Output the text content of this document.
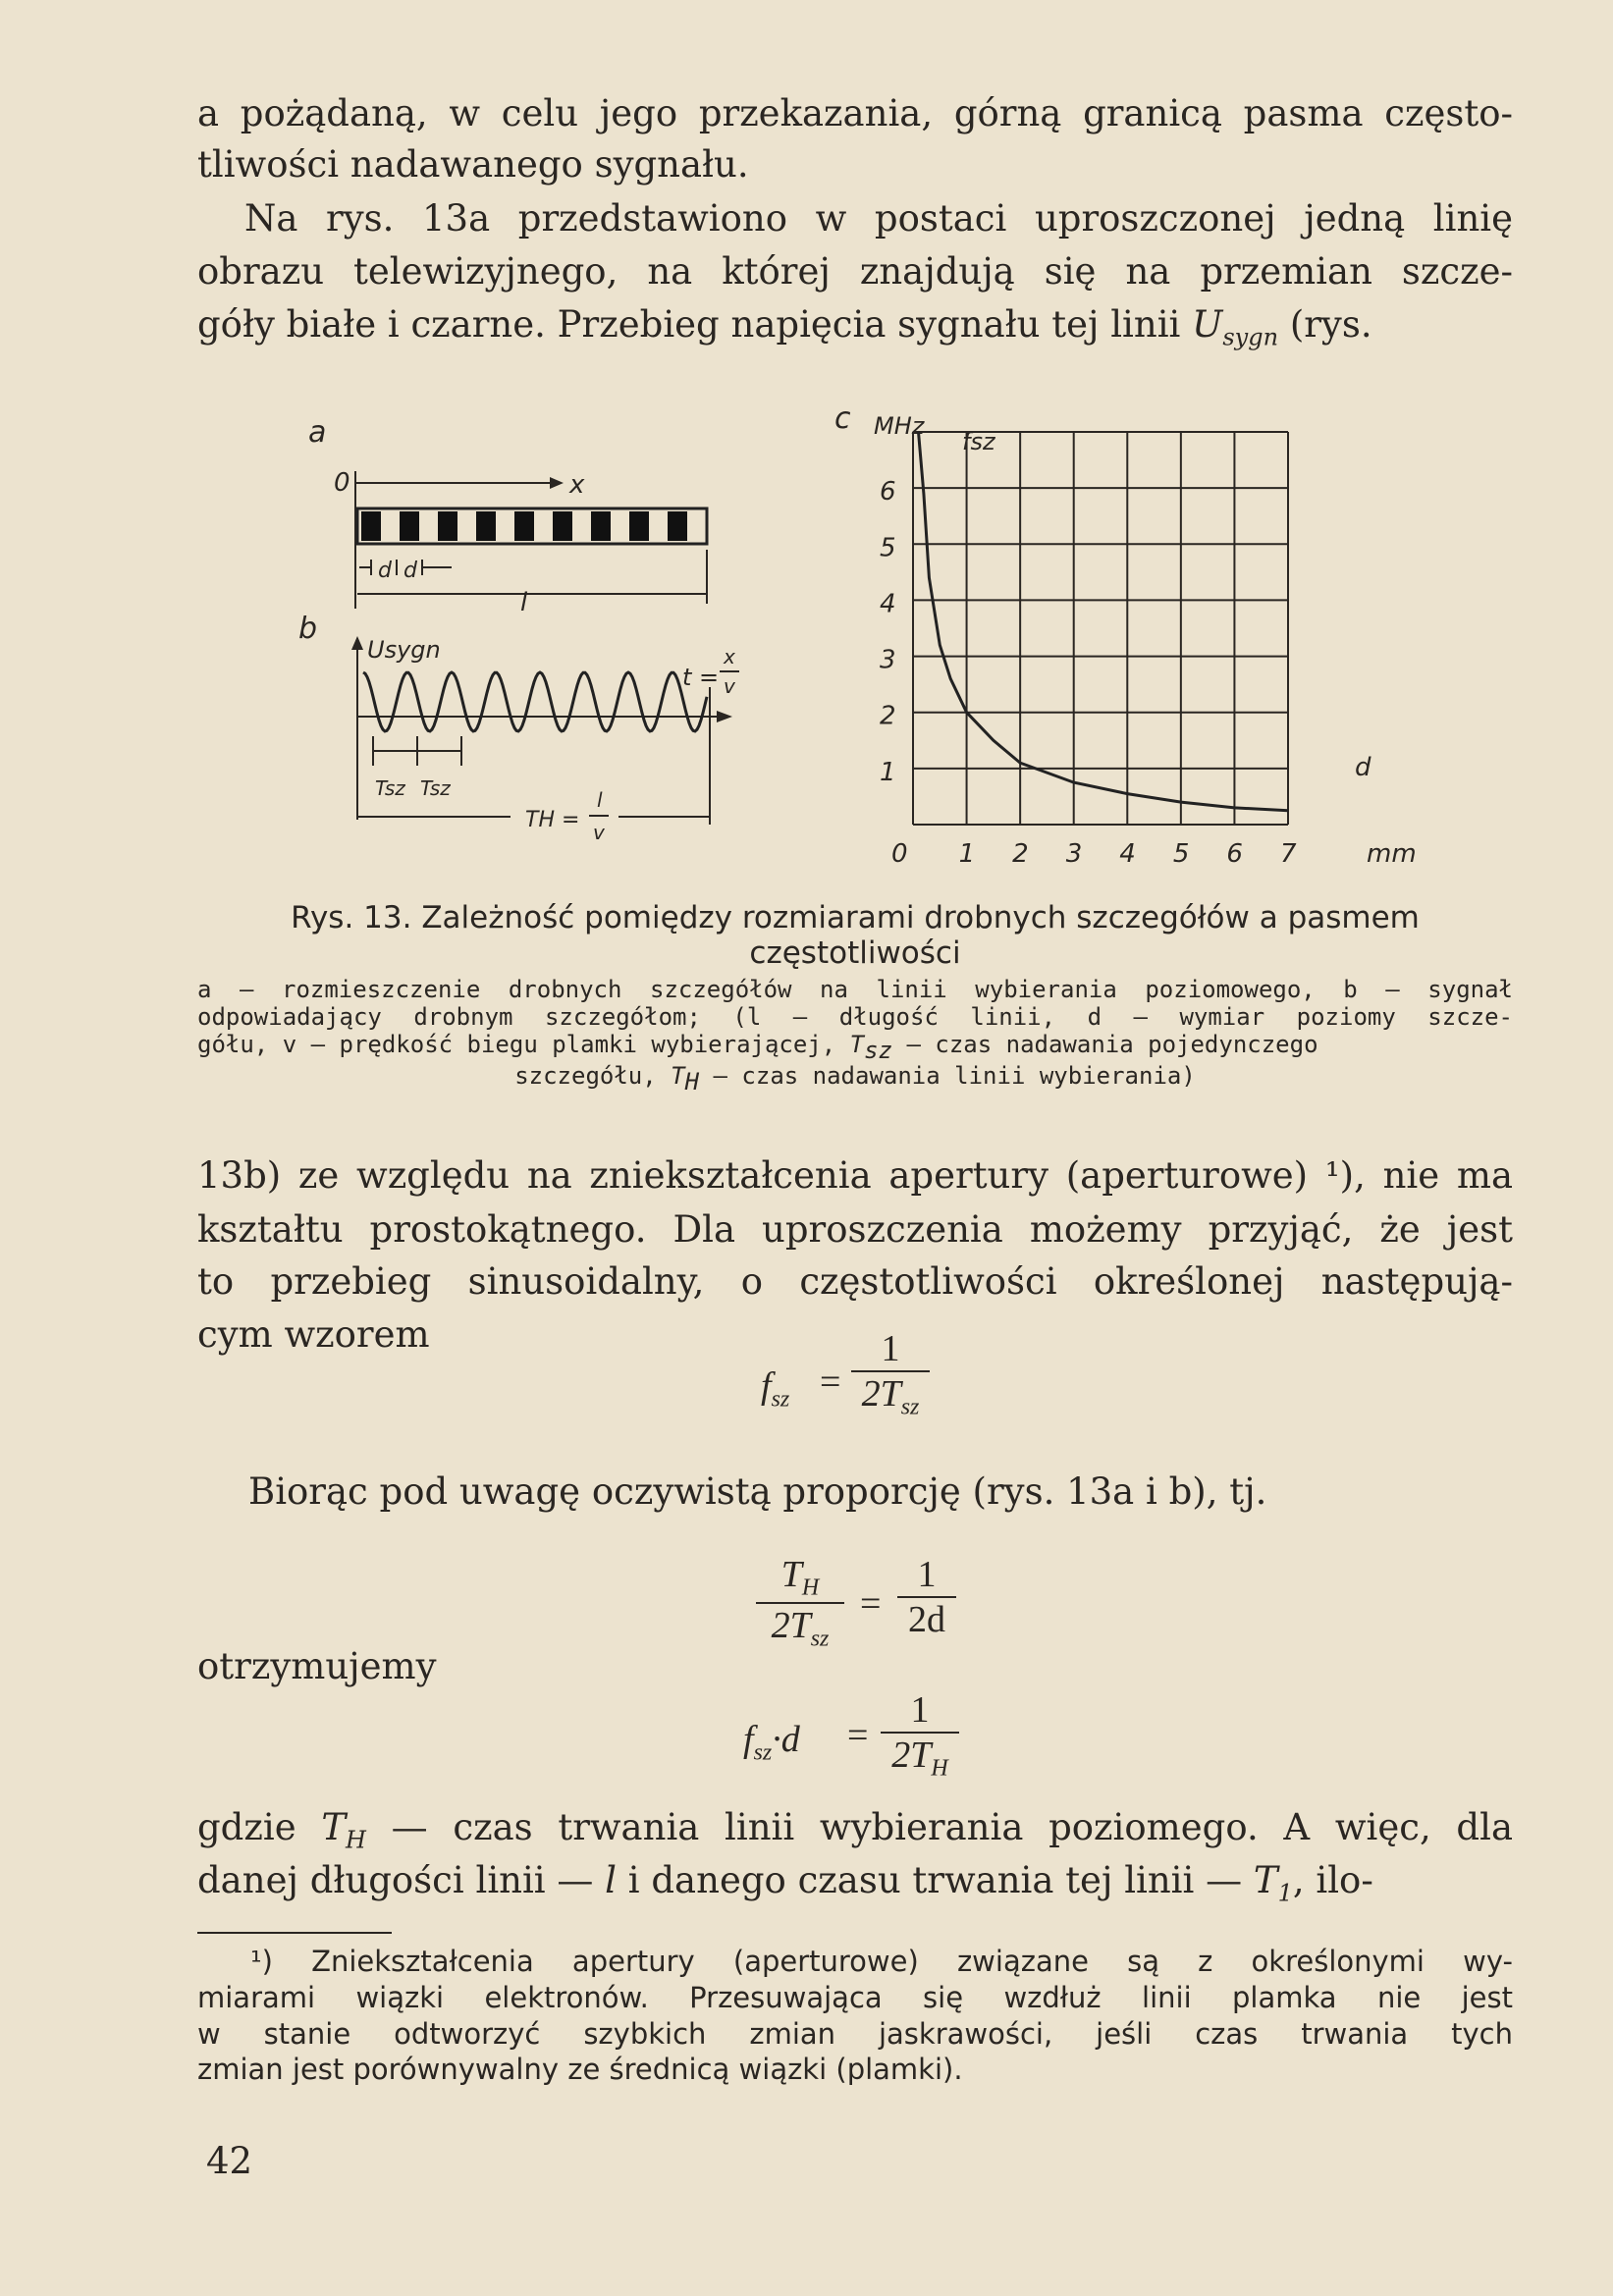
a pożądaną, w celu jego przekazania, górną granicą pasma często-

tliwości nadawanego sygnału.

Na rys. 13a przedstawiono w postaci uproszczonej jedną linię

obrazu telewizyjnego, na której znajdują się na przemian szcze-

góły białe i czarne. Przebieg napięcia sygnału tej linii $U_{sygn}$ (rys.

a
0	x
d d
l
b
Usygn
t =
x
v
Tsz Tsz
TH =
l
v
c MHz
1
2
3
4
5
6
0 1 2 3 4 5 6 7
fsz
d
mm

Rys. 13. Zależność pomiędzy rozmiarami drobnych szczegółów a pasmem

częstotliwości

a — rozmieszczenie drobnych szczegółów na linii wybierania poziomowego, b — sygnał

odpowiadający drobnym szczegółom; (l — długość linii, d — wymiar poziomy szcze-

gółu, v — prędkość biegu plamki wybierającej, $T_{sz}$ — czas nadawania pojedynczego

szczegółu, $T_H$ — czas nadawania linii wybierania)

13b) ze względu na zniekształcenia apertury (aperturowe) ¹), nie ma

kształtu prostokątnego. Dla uproszczenia możemy przyjąć, że jest

to przebieg sinusoidalny, o częstotliwości określonej następują-

cym wzorem

$f_{sz}$ =
1
$2T_{sz}$

Biorąc pod uwagę oczywistą proporcję (rys. 13a i b), tj.

$T_H$
$2T_{sz}$
=
1
2d

otrzymujemy

$f_{sz}\cdot d$ =
1
$2T_H$

gdzie $T_H$ — czas trwania linii wybierania poziomego. A więc, dla

danej długości linii — l i danego czasu trwania tej linii — $T_1$, ilo-

¹) Zniekształcenia apertury (aperturowe) związane są z określonymi wy-

miarami wiązki elektronów. Przesuwająca się wzdłuż linii plamka nie jest

w stanie odtworzyć szybkich zmian jaskrawości, jeśli czas trwania tych

zmian jest porównywalny ze średnicą wiązki (plamki).

42
